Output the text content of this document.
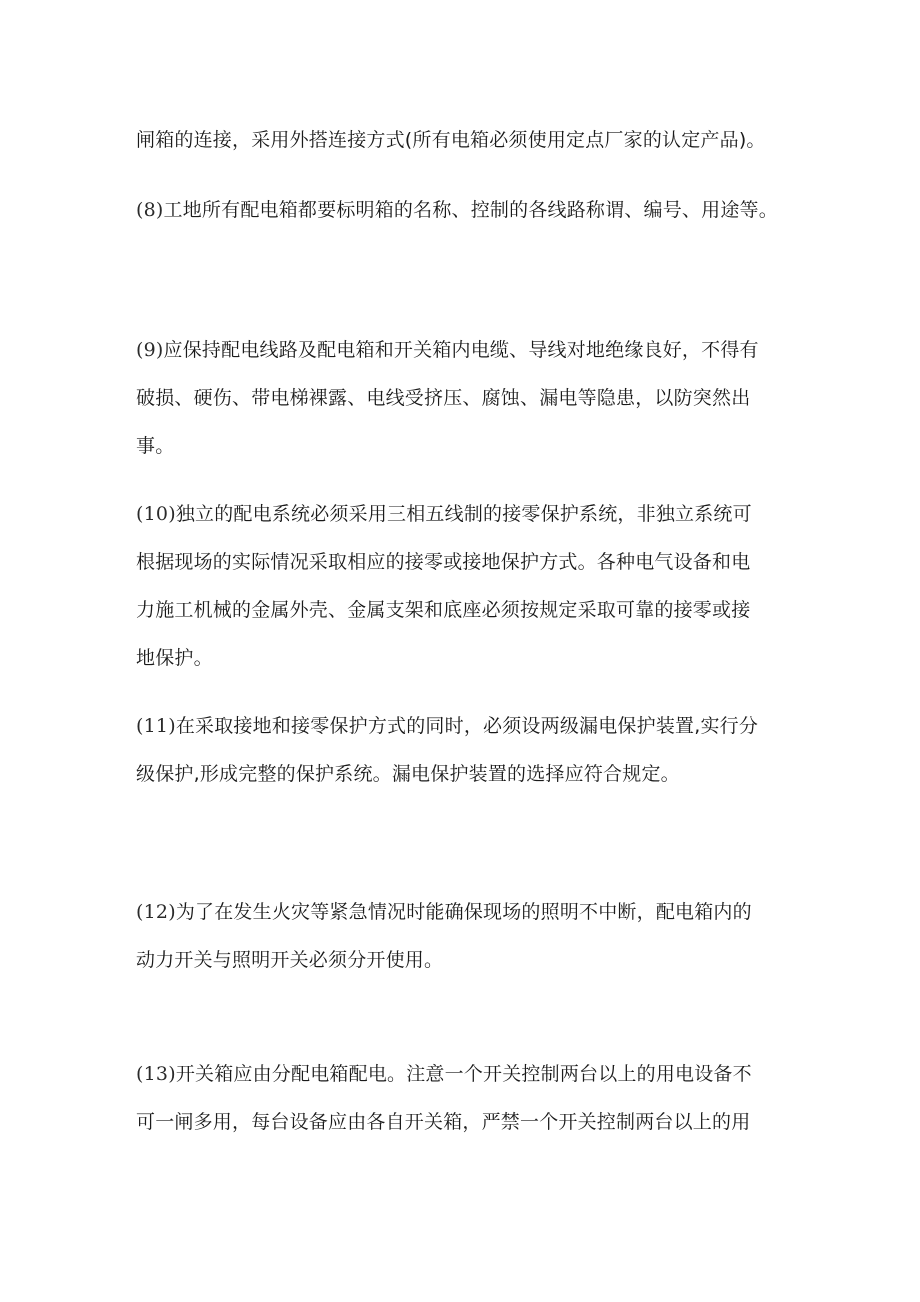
闸箱的连接，采用外搭连接方式(所有电箱必须使用定点厂家的认定产品)。

(8)工地所有配电箱都要标明箱的名称、控制的各线路称谓、编号、用途等。

(9)应保持配电线路及配电箱和开关箱内电缆、导线对地绝缘良好，不得有
破损、硬伤、带电梯裸露、电线受挤压、腐蚀、漏电等隐患，以防突然出
事。

(10)独立的配电系统必须采用三相五线制的接零保护系统，非独立系统可
根据现场的实际情况采取相应的接零或接地保护方式。各种电气设备和电
力施工机械的金属外壳、金属支架和底座必须按规定采取可靠的接零或接
地保护。

(11)在采取接地和接零保护方式的同时，必须设两级漏电保护装置,实行分
级保护,形成完整的保护系统。漏电保护装置的选择应符合规定。

(12)为了在发生火灾等紧急情况时能确保现场的照明不中断，配电箱内的
动力开关与照明开关必须分开使用。

(13)开关箱应由分配电箱配电。注意一个开关控制两台以上的用电设备不
可一闸多用，每台设备应由各自开关箱，严禁一个开关控制两台以上的用
